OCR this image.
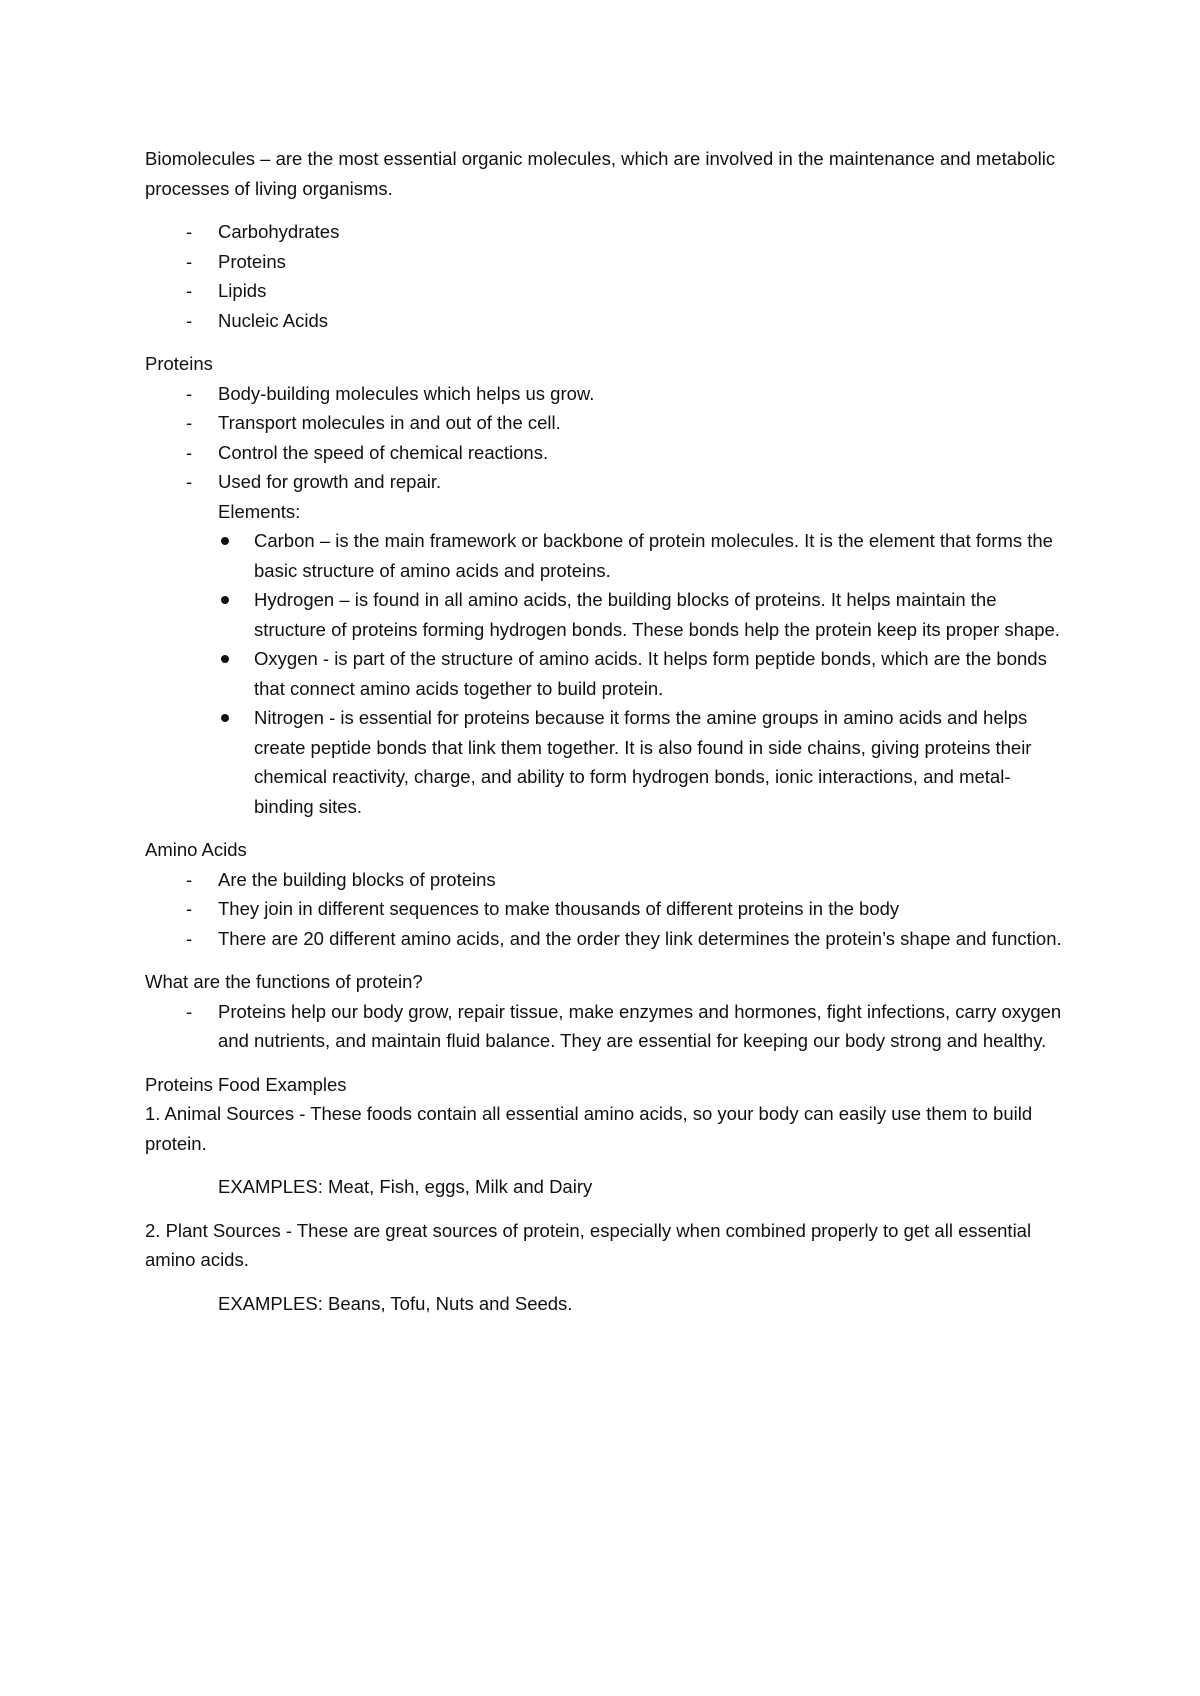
Biomolecules – are the most essential organic molecules, which are involved in the maintenance and metabolic processes of living organisms.

- Carbohydrates
- Proteins
- Lipids
- Nucleic Acids

Proteins

- Body-building molecules which helps us grow.
- Transport molecules in and out of the cell.
- Control the speed of chemical reactions.
- Used for growth and repair.

Elements:

Carbon – is the main framework or backbone of protein molecules. It is the element that forms the basic structure of amino acids and proteins.
Hydrogen – is found in all amino acids, the building blocks of proteins. It helps maintain the structure of proteins forming hydrogen bonds. These bonds help the protein keep its proper shape.
Oxygen - is part of the structure of amino acids. It helps form peptide bonds, which are the bonds that connect amino acids together to build protein.
Nitrogen - is essential for proteins because it forms the amine groups in amino acids and helps create peptide bonds that link them together. It is also found in side chains, giving proteins their chemical reactivity, charge, and ability to form hydrogen bonds, ionic interactions, and metal-binding sites.

Amino Acids

- Are the building blocks of proteins
- They join in different sequences to make thousands of different proteins in the body
- There are 20 different amino acids, and the order they link determines the protein’s shape and function.

What are the functions of protein?

- Proteins help our body grow, repair tissue, make enzymes and hormones, fight infections, carry oxygen and nutrients, and maintain fluid balance. They are essential for keeping our body strong and healthy.

Proteins Food Examples

1. Animal Sources - These foods contain all essential amino acids, so your body can easily use them to build protein.

EXAMPLES: Meat, Fish, eggs, Milk and Dairy

2. Plant Sources - These are great sources of protein, especially when combined properly to get all essential amino acids.

EXAMPLES: Beans, Tofu, Nuts and Seeds.
